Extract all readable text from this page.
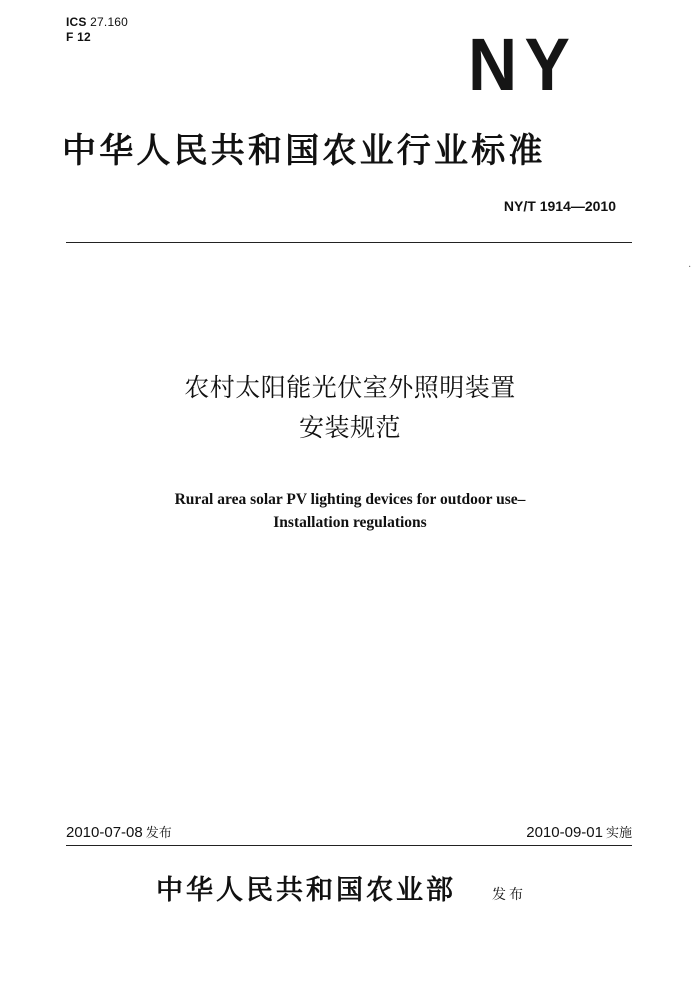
ICS 27.160
F 12	NY
中华人民共和国农业行业标准
NY/T 1914—2010
·
农村太阳能光伏室外照明装置
安装规范
Rural area solar PV lighting devices for outdoor use–
Installation regulations
2010-07-08 发布	2010-09-01 实施
中华人民共和国农业部	发布
